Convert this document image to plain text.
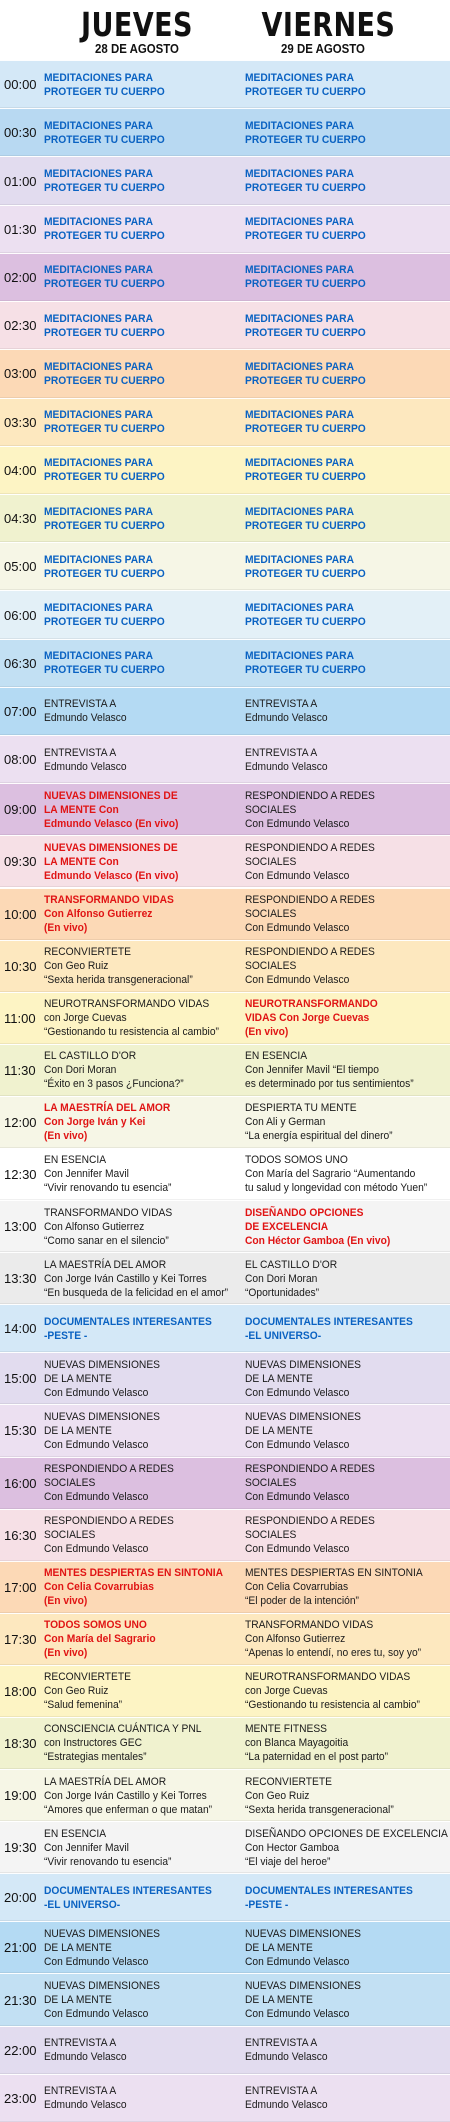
JUEVES
28 DE AGOSTO
VIERNES
29 DE AGOSTO
00:00 MEDITACIONES PARA
PROTEGER TU CUERPO
MEDITACIONES PARA
PROTEGER TU CUERPO
00:30 MEDITACIONES PARA
PROTEGER TU CUERPO
MEDITACIONES PARA
PROTEGER TU CUERPO
01:00 MEDITACIONES PARA
PROTEGER TU CUERPO
MEDITACIONES PARA
PROTEGER TU CUERPO
01:30 MEDITACIONES PARA
PROTEGER TU CUERPO
MEDITACIONES PARA
PROTEGER TU CUERPO
02:00 MEDITACIONES PARA
PROTEGER TU CUERPO
MEDITACIONES PARA
PROTEGER TU CUERPO
02:30 MEDITACIONES PARA
PROTEGER TU CUERPO
MEDITACIONES PARA
PROTEGER TU CUERPO
03:00 MEDITACIONES PARA
PROTEGER TU CUERPO
MEDITACIONES PARA
PROTEGER TU CUERPO
03:30 MEDITACIONES PARA
PROTEGER TU CUERPO
MEDITACIONES PARA
PROTEGER TU CUERPO
04:00 MEDITACIONES PARA
PROTEGER TU CUERPO
MEDITACIONES PARA
PROTEGER TU CUERPO
04:30 MEDITACIONES PARA
PROTEGER TU CUERPO
MEDITACIONES PARA
PROTEGER TU CUERPO
05:00 MEDITACIONES PARA
PROTEGER TU CUERPO
MEDITACIONES PARA
PROTEGER TU CUERPO
06:00 MEDITACIONES PARA
PROTEGER TU CUERPO
MEDITACIONES PARA
PROTEGER TU CUERPO
06:30 MEDITACIONES PARA
PROTEGER TU CUERPO
MEDITACIONES PARA
PROTEGER TU CUERPO
07:00 ENTREVISTA A
Edmundo Velasco
ENTREVISTA A
Edmundo Velasco
08:00 ENTREVISTA A
Edmundo Velasco
ENTREVISTA A
Edmundo Velasco
09:00
NUEVAS DIMENSIONES DE
LA MENTE Con
Edmundo Velasco (En vivo)
RESPONDIENDO A REDES
SOCIALES
Con Edmundo Velasco
09:30
NUEVAS DIMENSIONES DE
LA MENTE Con
Edmundo Velasco (En vivo)
RESPONDIENDO A REDES
SOCIALES
Con Edmundo Velasco
10:00
TRANSFORMANDO VIDAS
Con Alfonso Gutierrez
(En vivo)
RESPONDIENDO A REDES
SOCIALES
Con Edmundo Velasco
10:30
RECONVIERTETE
Con Geo Ruiz
“Sexta herida transgeneracional”
RESPONDIENDO A REDES
SOCIALES
Con Edmundo Velasco
11:00
NEUROTRANSFORMANDO VIDAS
con Jorge Cuevas
“Gestionando tu resistencia al cambio”
NEUROTRANSFORMANDO
VIDAS Con Jorge Cuevas
(En vivo)
11:30
EL CASTILLO D'OR
Con Dori Moran
“Éxito en 3 pasos ¿Funciona?”
EN ESENCIA
Con Jennifer Mavil “El tiempo
es determinado por tus sentimientos”
12:00
LA MAESTRÍA DEL AMOR
Con Jorge Iván y Kei
(En vivo)
DESPIERTA TU MENTE
Con Ali y German
“La energía espiritual del dinero”
12:30
EN ESENCIA
Con Jennifer Mavil
“Vivir renovando tu esencia”
TODOS SOMOS UNO
Con María del Sagrario “Aumentando
tu salud y longevidad con método Yuen”
13:00
TRANSFORMANDO VIDAS
Con Alfonso Gutierrez
“Como sanar en el silencio”
DISEÑANDO OPCIONES
DE EXCELENCIA
Con Héctor Gamboa (En vivo)
13:30
LA MAESTRÍA DEL AMOR
Con Jorge Iván Castillo y Kei Torres
“En busqueda de la felicidad en el amor”
EL CASTILLO D'OR
Con Dori Moran
“Oportunidades”
14:00 DOCUMENTALES INTERESANTES
-PESTE -
DOCUMENTALES INTERESANTES
-EL UNIVERSO-
15:00
NUEVAS DIMENSIONES
DE LA MENTE
Con Edmundo Velasco
NUEVAS DIMENSIONES
DE LA MENTE
Con Edmundo Velasco
15:30
NUEVAS DIMENSIONES
DE LA MENTE
Con Edmundo Velasco
NUEVAS DIMENSIONES
DE LA MENTE
Con Edmundo Velasco
16:00
RESPONDIENDO A REDES
SOCIALES
Con Edmundo Velasco
RESPONDIENDO A REDES
SOCIALES
Con Edmundo Velasco
16:30
RESPONDIENDO A REDES
SOCIALES
Con Edmundo Velasco
RESPONDIENDO A REDES
SOCIALES
Con Edmundo Velasco
17:00
MENTES DESPIERTAS EN SINTONIA
Con Celia Covarrubias
(En vivo)
MENTES DESPIERTAS EN SINTONIA
Con Celia Covarrubias
“El poder de la intención”
17:30
TODOS SOMOS UNO
Con María del Sagrario
(En vivo)
TRANSFORMANDO VIDAS
Con Alfonso Gutierrez
“Apenas lo entendí, no eres tu, soy yo”
18:00
RECONVIERTETE
Con Geo Ruiz
“Salud femenina”
NEUROTRANSFORMANDO VIDAS
con Jorge Cuevas
“Gestionando tu resistencia al cambio”
18:30
CONSCIENCIA CUÁNTICA Y PNL
con Instructores GEC
“Estrategias mentales”
MENTE FITNESS
con Blanca Mayagoitia
“La paternidad en el post parto”
19:00
LA MAESTRÍA DEL AMOR
Con Jorge Iván Castillo y Kei Torres
“Amores que enferman o que matan”
RECONVIERTETE
Con Geo Ruiz
“Sexta herida transgeneracional”
19:30
EN ESENCIA
Con Jennifer Mavil
“Vivir renovando tu esencia”
DISEÑANDO OPCIONES DE EXCELENCIA
Con Hector Gamboa
“El viaje del heroe”
20:00 DOCUMENTALES INTERESANTES
-EL UNIVERSO-
DOCUMENTALES INTERESANTES
-PESTE -
21:00
NUEVAS DIMENSIONES
DE LA MENTE
Con Edmundo Velasco
NUEVAS DIMENSIONES
DE LA MENTE
Con Edmundo Velasco
21:30
NUEVAS DIMENSIONES
DE LA MENTE
Con Edmundo Velasco
NUEVAS DIMENSIONES
DE LA MENTE
Con Edmundo Velasco
22:00 ENTREVISTA A
Edmundo Velasco
ENTREVISTA A
Edmundo Velasco
23:00 ENTREVISTA A
Edmundo Velasco
ENTREVISTA A
Edmundo Velasco
